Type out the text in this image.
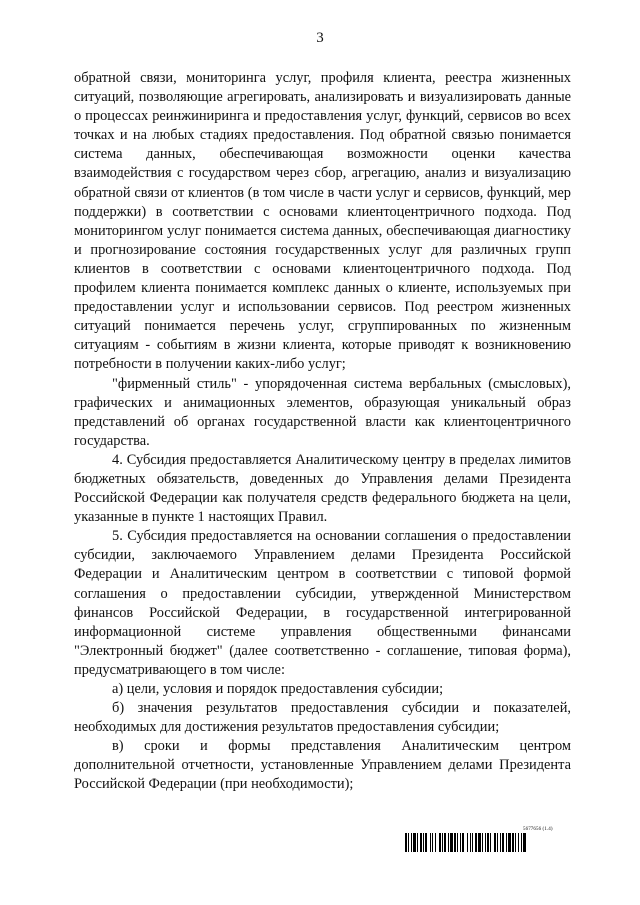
3

обратной связи, мониторинга услуг, профиля клиента, реестра жизненных ситуаций, позволяющие агрегировать, анализировать и визуализировать данные о процессах реинжиниринга и предоставления услуг, функций, сервисов во всех точках и на любых стадиях предоставления. Под обратной связью понимается система данных, обеспечивающая возможности оценки качества взаимодействия с государством через сбор, агрегацию, анализ и визуализацию обратной связи от клиентов (в том числе в части услуг и сервисов, функций, мер поддержки) в соответствии с основами клиентоцентричного подхода. Под мониторингом услуг понимается система данных, обеспечивающая диагностику и прогнозирование состояния государственных услуг для различных групп клиентов в соответствии с основами клиентоцентричного подхода. Под профилем клиента понимается комплекс данных о клиенте, используемых при предоставлении услуг и использовании сервисов. Под реестром жизненных ситуаций понимается перечень услуг, сгруппированных по жизненным ситуациям - событиям в жизни клиента, которые приводят к возникновению потребности в получении каких-либо услуг;

"фирменный стиль" - упорядоченная система вербальных (смысловых), графических и анимационных элементов, образующая уникальный образ представлений об органах государственной власти как клиентоцентричного государства.

4. Субсидия предоставляется Аналитическому центру в пределах лимитов бюджетных обязательств, доведенных до Управления делами Президента Российской Федерации как получателя средств федерального бюджета на цели, указанные в пункте 1 настоящих Правил.

5. Субсидия предоставляется на основании соглашения о предоставлении субсидии, заключаемого Управлением делами Президента Российской Федерации и Аналитическим центром в соответствии с типовой формой соглашения о предоставлении субсидии, утвержденной Министерством финансов Российской Федерации, в государственной интегрированной информационной системе управления общественными финансами "Электронный бюджет" (далее соответственно - соглашение, типовая форма), предусматривающего в том числе:

а) цели, условия и порядок предоставления субсидии;

б) значения результатов предоставления субсидии и показателей, необходимых для достижения результатов предоставления субсидии;

в) сроки и формы представления Аналитическим центром дополнительной отчетности, установленные Управлением делами Президента Российской Федерации (при необходимости);

5677656 (1.4)
